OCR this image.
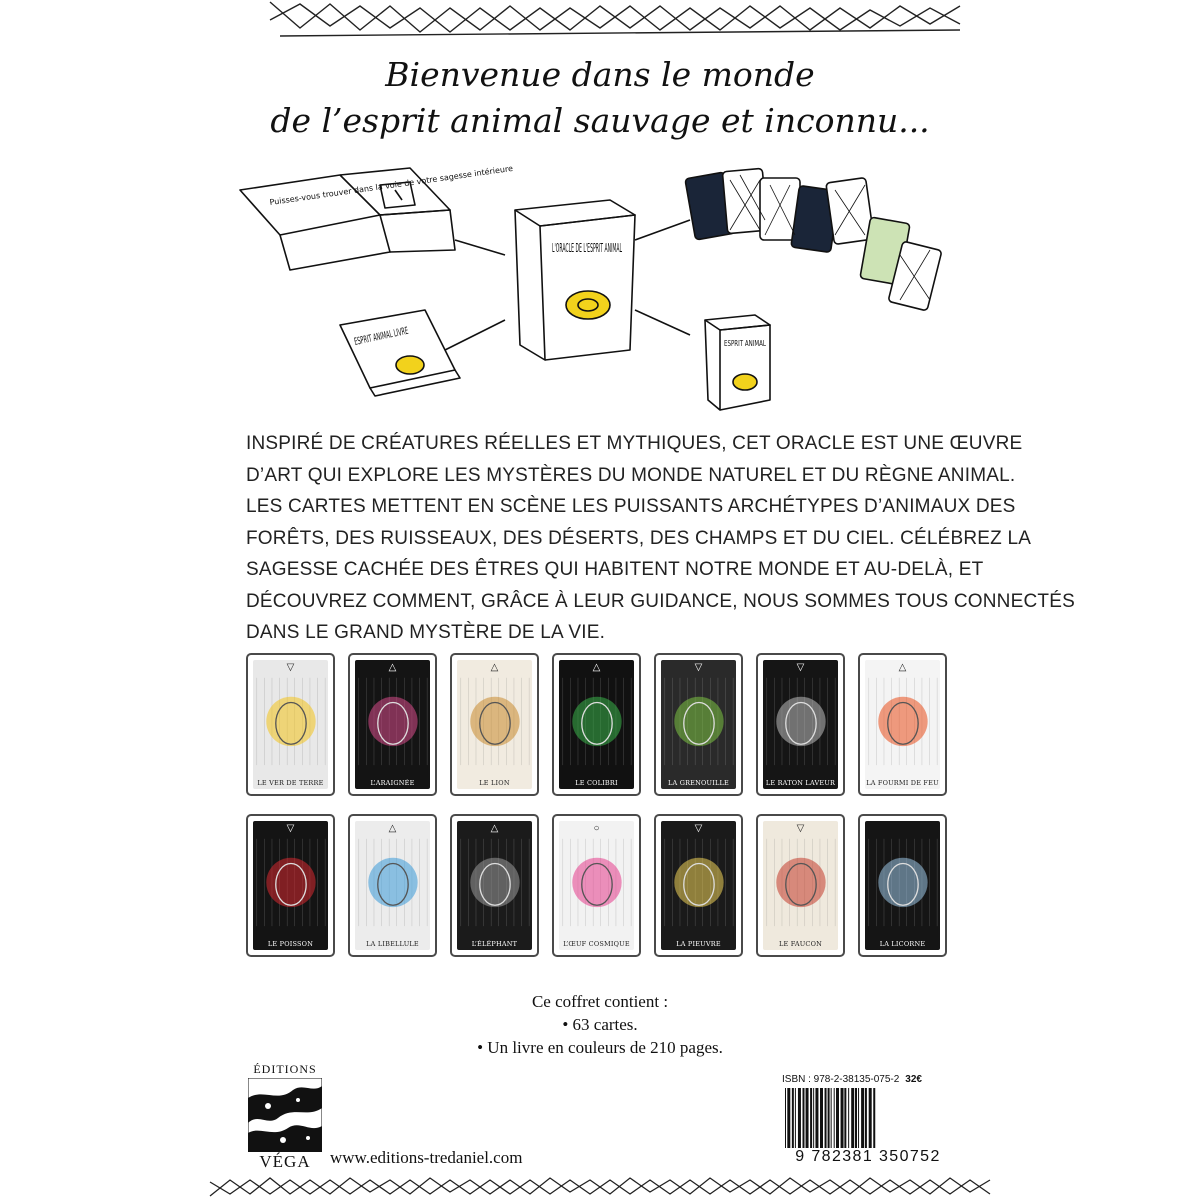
Bienvenue dans le monde
de l’esprit animal sauvage et inconnu...
Puisses-vous trouver dans la voie de votre sagesse intérieure
L'ORACLE DE L'ESPRIT ANIMAL
ESPRIT ANIMAL LIVRE	ESPRIT ANIMAL

INSPIRÉ DE CRÉATURES RÉELLES ET MYTHIQUES, CET ORACLE EST UNE ŒUVRE

D’ART QUI EXPLORE LES MYSTÈRES DU MONDE NATUREL ET DU RÈGNE ANIMAL.

LES CARTES METTENT EN SCÈNE LES PUISSANTS ARCHÉTYPES D’ANIMAUX DES

FORÊTS, DES RUISSEAUX, DES DÉSERTS, DES CHAMPS ET DU CIEL. CÉLÉBREZ LA

SAGESSE CACHÉE DES ÊTRES QUI HABITENT NOTRE MONDE ET AU-DELÀ, ET

DÉCOUVREZ COMMENT, GRÂCE À LEUR GUIDANCE, NOUS SOMMES TOUS CONNECTÉS

DANS LE GRAND MYSTÈRE DE LA VIE.

▽
LE VER DE TERRE
△
L’ARAIGNÉE
△
LE LION
△
LE COLIBRI
▽
LA GRENOUILLE
▽
LE RATON LAVEUR
△
LA FOURMI DE FEU
▽
LE POISSON
△
LA LIBELLULE
△
L’ÉLÉPHANT
○
L’ŒUF COSMIQUE
▽
LA PIEUVRE
▽
LE FAUCON	LA LICORNE
Ce coffret contient :
• 63 cartes.
• Un livre en couleurs de 210 pages.
ÉDITIONS
VÉGA	www.editions-tredaniel.com
ISBN : 978-2-38135-075-2 32€
9 782381 350752
